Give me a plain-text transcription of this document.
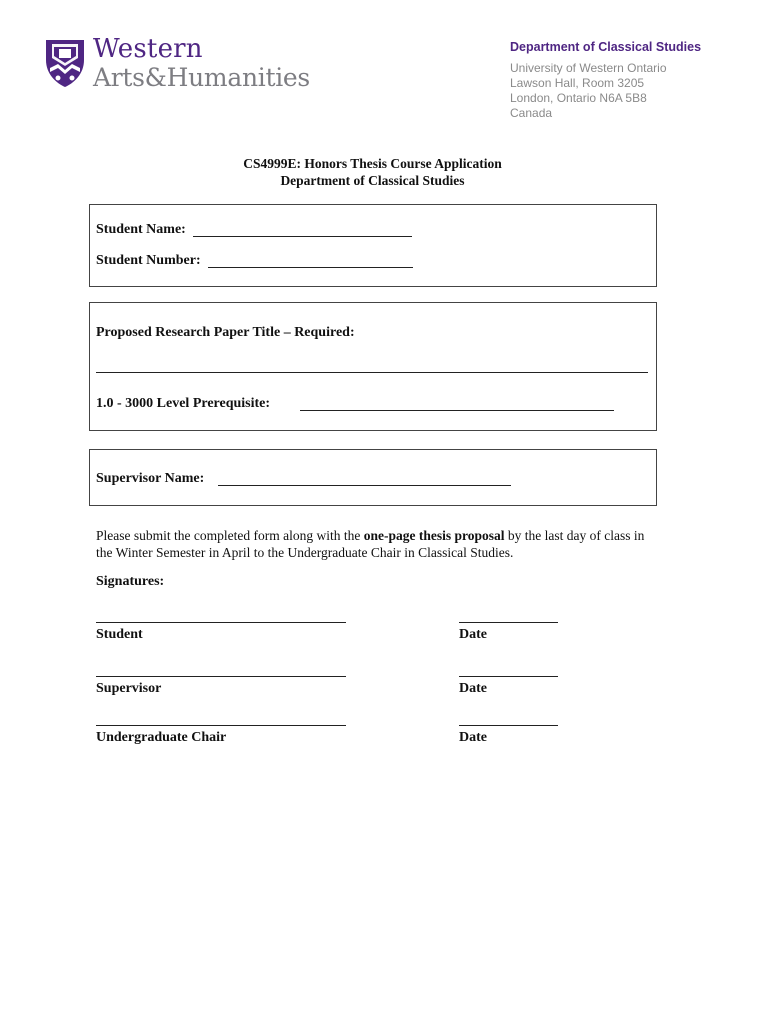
Western
Arts&Humanities
Department of Classical Studies
University of Western Ontario
Lawson Hall, Room 3205
London, Ontario N6A 5B8
Canada
CS4999E: Honors Thesis Course Application
Department of Classical Studies
Student Name:
Student Number:
Proposed Research Paper Title – Required:
1.0 - 3000 Level Prerequisite:
Supervisor Name:
Please submit the completed form along with the one-page thesis proposal by the last day of class in the Winter Semester in April to the Undergraduate Chair in Classical Studies.
Signatures:
Student	Date
Supervisor	Date
Undergraduate Chair	Date
